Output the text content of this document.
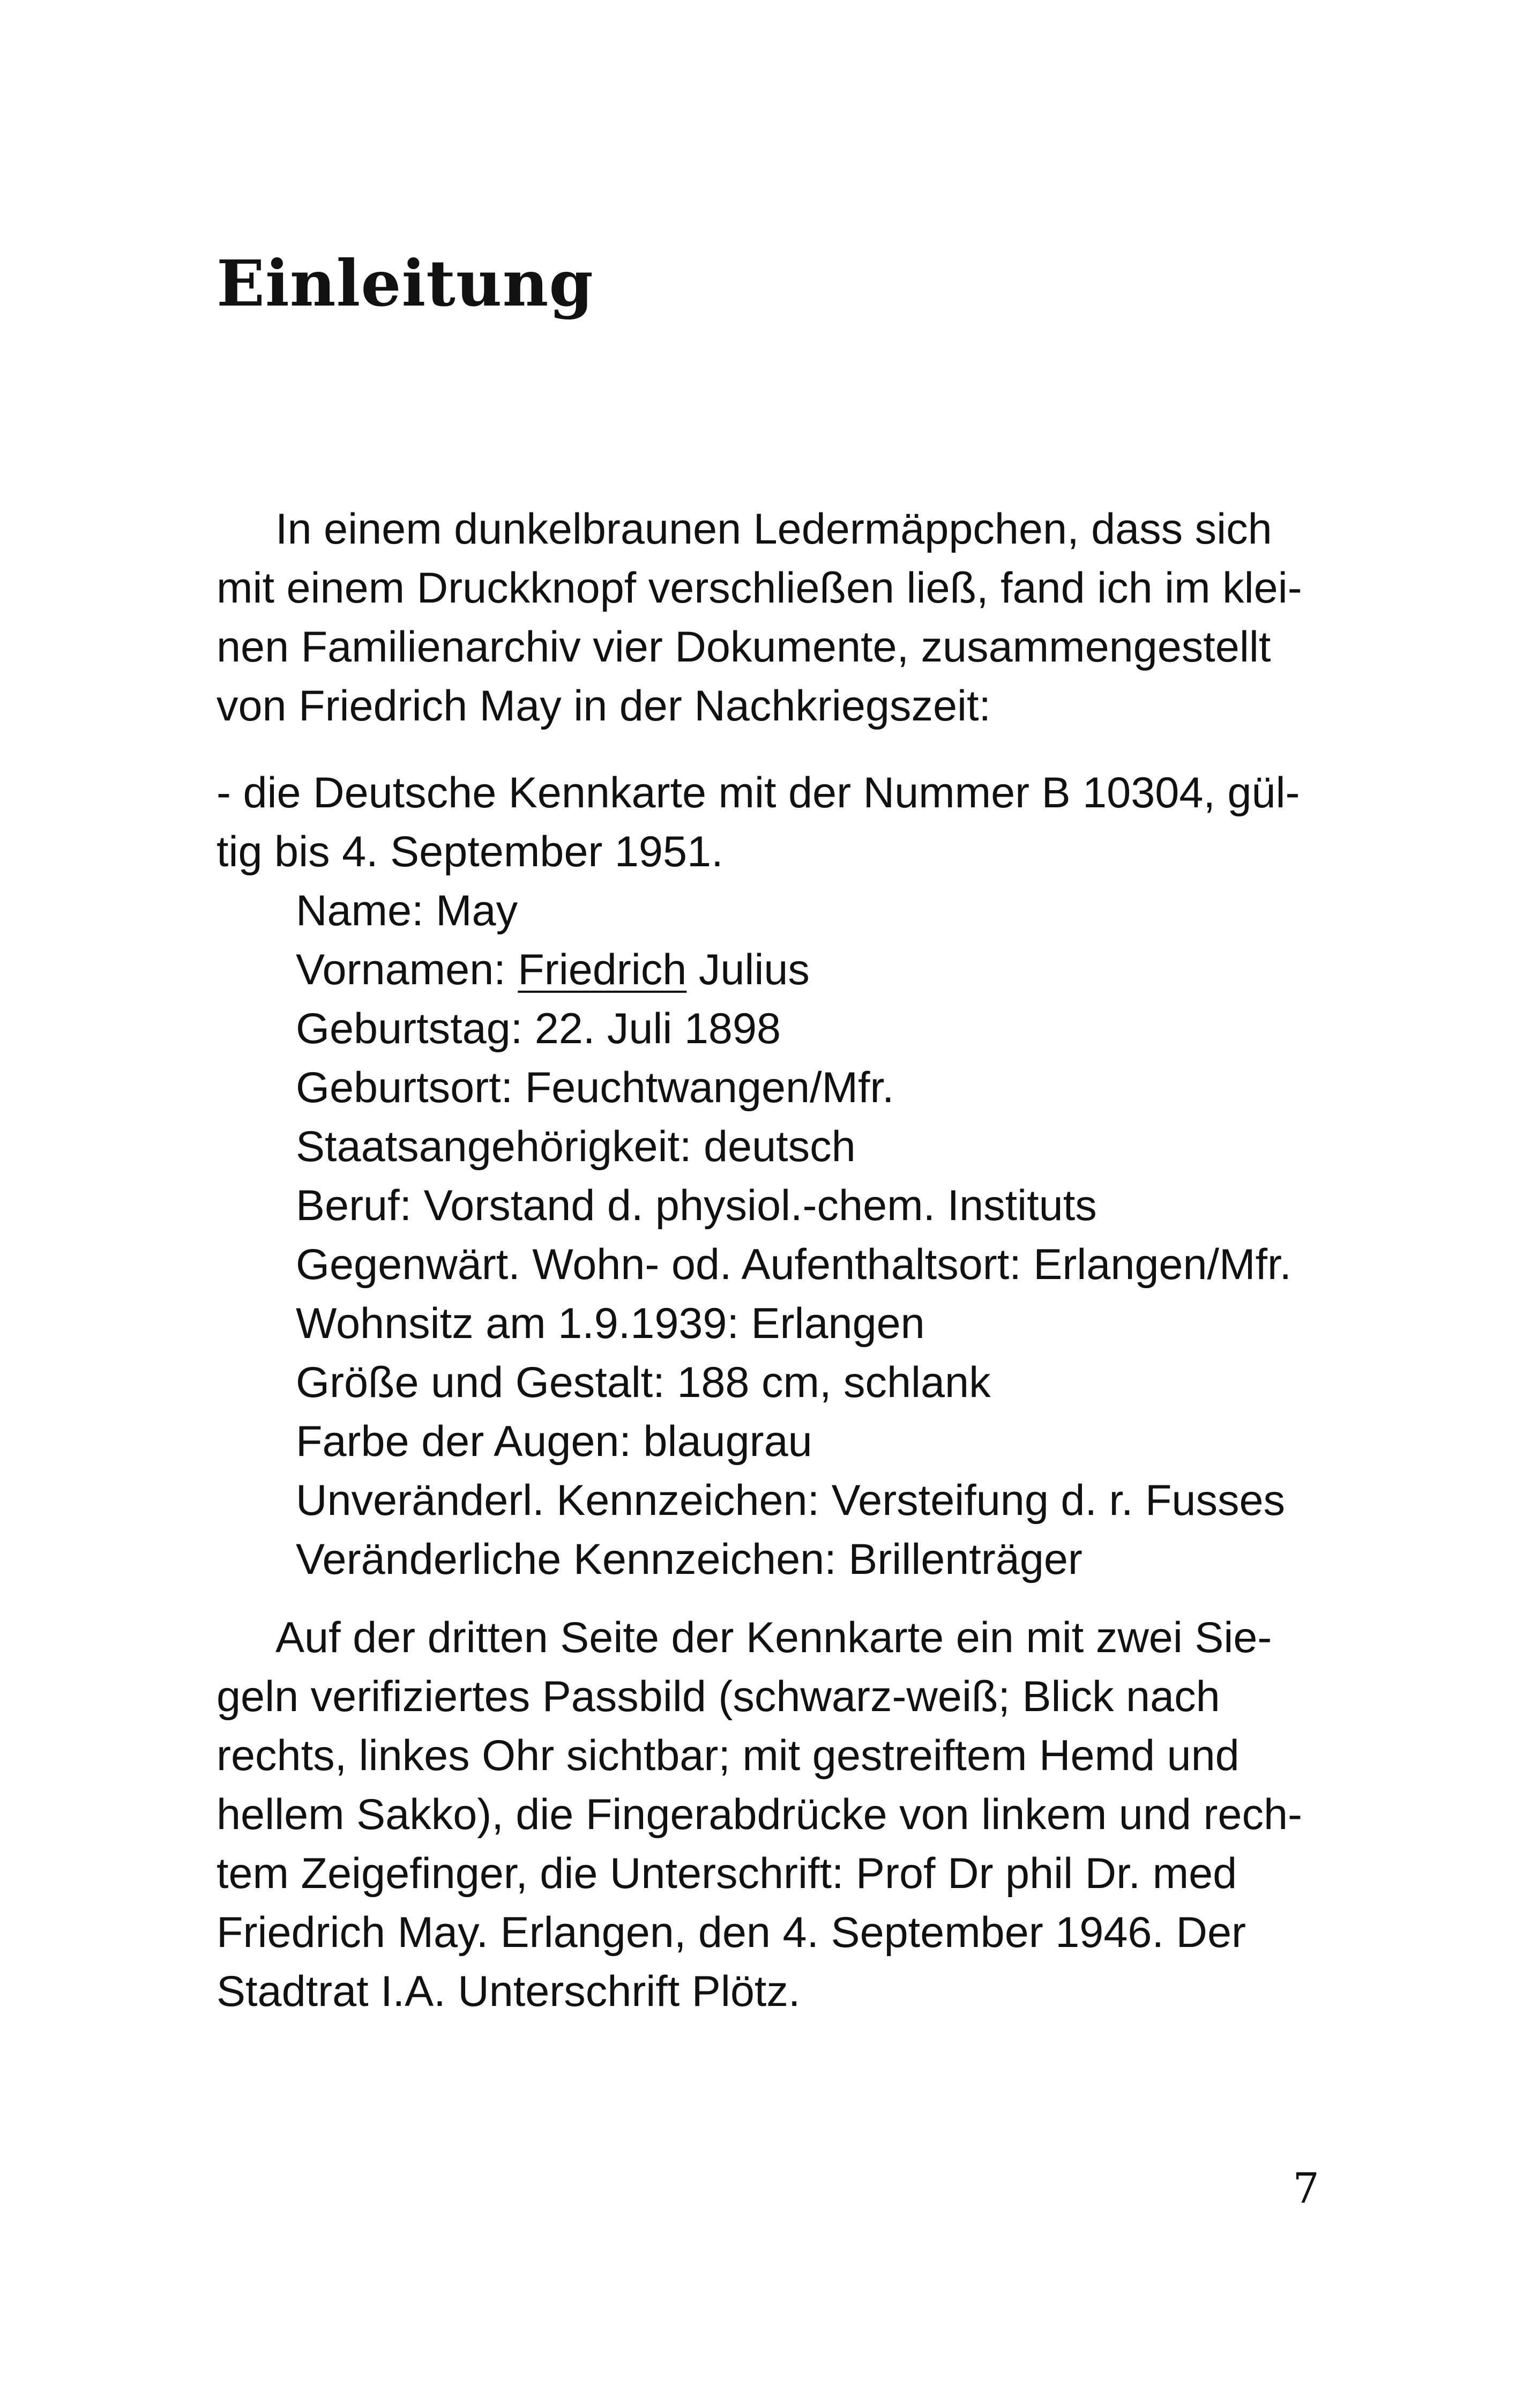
Einleitung

In einem dunkelbraunen Ledermäppchen, dass sich
mit einem Druckknopf verschließen ließ, fand ich im klei-
nen Familienarchiv vier Dokumente, zusammengestellt
von Friedrich May in der Nachkriegszeit:

- die Deutsche Kennkarte mit der Nummer B 10304, gül-
tig bis 4. September 1951.

Name: May
Vornamen: Friedrich Julius
Geburtstag: 22. Juli 1898
Geburtsort: Feuchtwangen/Mfr.
Staatsangehörigkeit: deutsch
Beruf: Vorstand d. physiol.-chem. Instituts
Gegenwärt. Wohn- od. Aufenthaltsort: Erlangen/Mfr.
Wohnsitz am 1.9.1939: Erlangen
Größe und Gestalt: 188 cm, schlank
Farbe der Augen: blaugrau
Unveränderl. Kennzeichen: Versteifung d. r. Fusses
Veränderliche Kennzeichen: Brillenträger

Auf der dritten Seite der Kennkarte ein mit zwei Sie-
geln verifiziertes Passbild (schwarz-weiß; Blick nach
rechts, linkes Ohr sichtbar; mit gestreiftem Hemd und
hellem Sakko), die Fingerabdrücke von linkem und rech-
tem Zeigefinger, die Unterschrift: Prof Dr phil Dr. med
Friedrich May. Erlangen, den 4. September 1946. Der
Stadtrat I.A. Unterschrift Plötz.

7
